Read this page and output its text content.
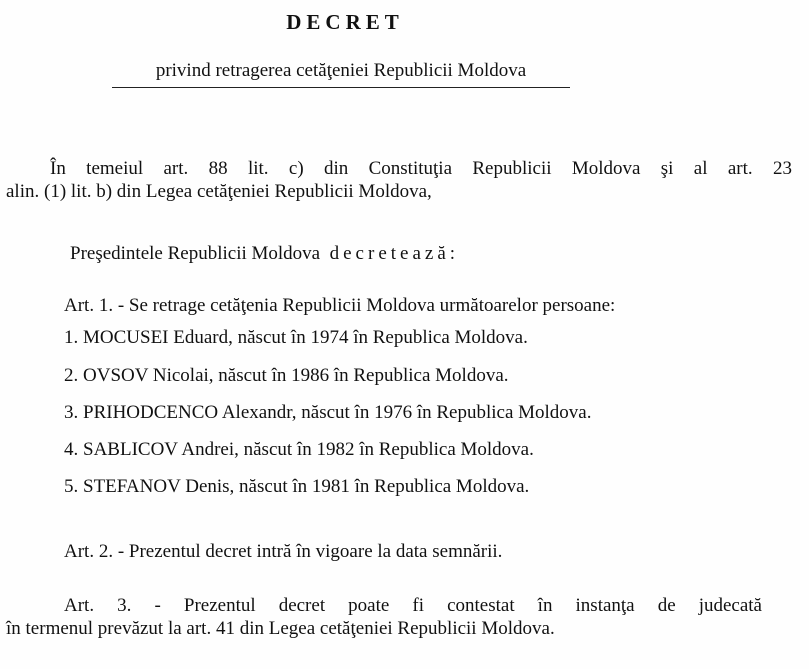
DECRET

privind retragerea cetăţeniei Republicii Moldova

În temeiul art. 88 lit. c) din Constituţia Republicii Moldova şi al art. 23
alin. (1) lit. b) din Legea cetăţeniei Republicii Moldova,

Preşedintele Republicii Moldova decretează:

Art. 1. - Se retrage cetăţenia Republicii Moldova următoarelor persoane:

1. MOCUSEI Eduard, născut în 1974 în Republica Moldova.

2. OVSOV Nicolai, născut în 1986 în Republica Moldova.

3. PRIHODCENCO Alexandr, născut în 1976 în Republica Moldova.

4. SABLICOV Andrei, născut în 1982 în Republica Moldova.

5. STEFANOV Denis, născut în 1981 în Republica Moldova.

Art. 2. - Prezentul decret intră în vigoare la data semnării.

Art. 3. - Prezentul decret poate fi contestat în instanţa de judecată
în termenul prevăzut la art. 41 din Legea cetăţeniei Republicii Moldova.
